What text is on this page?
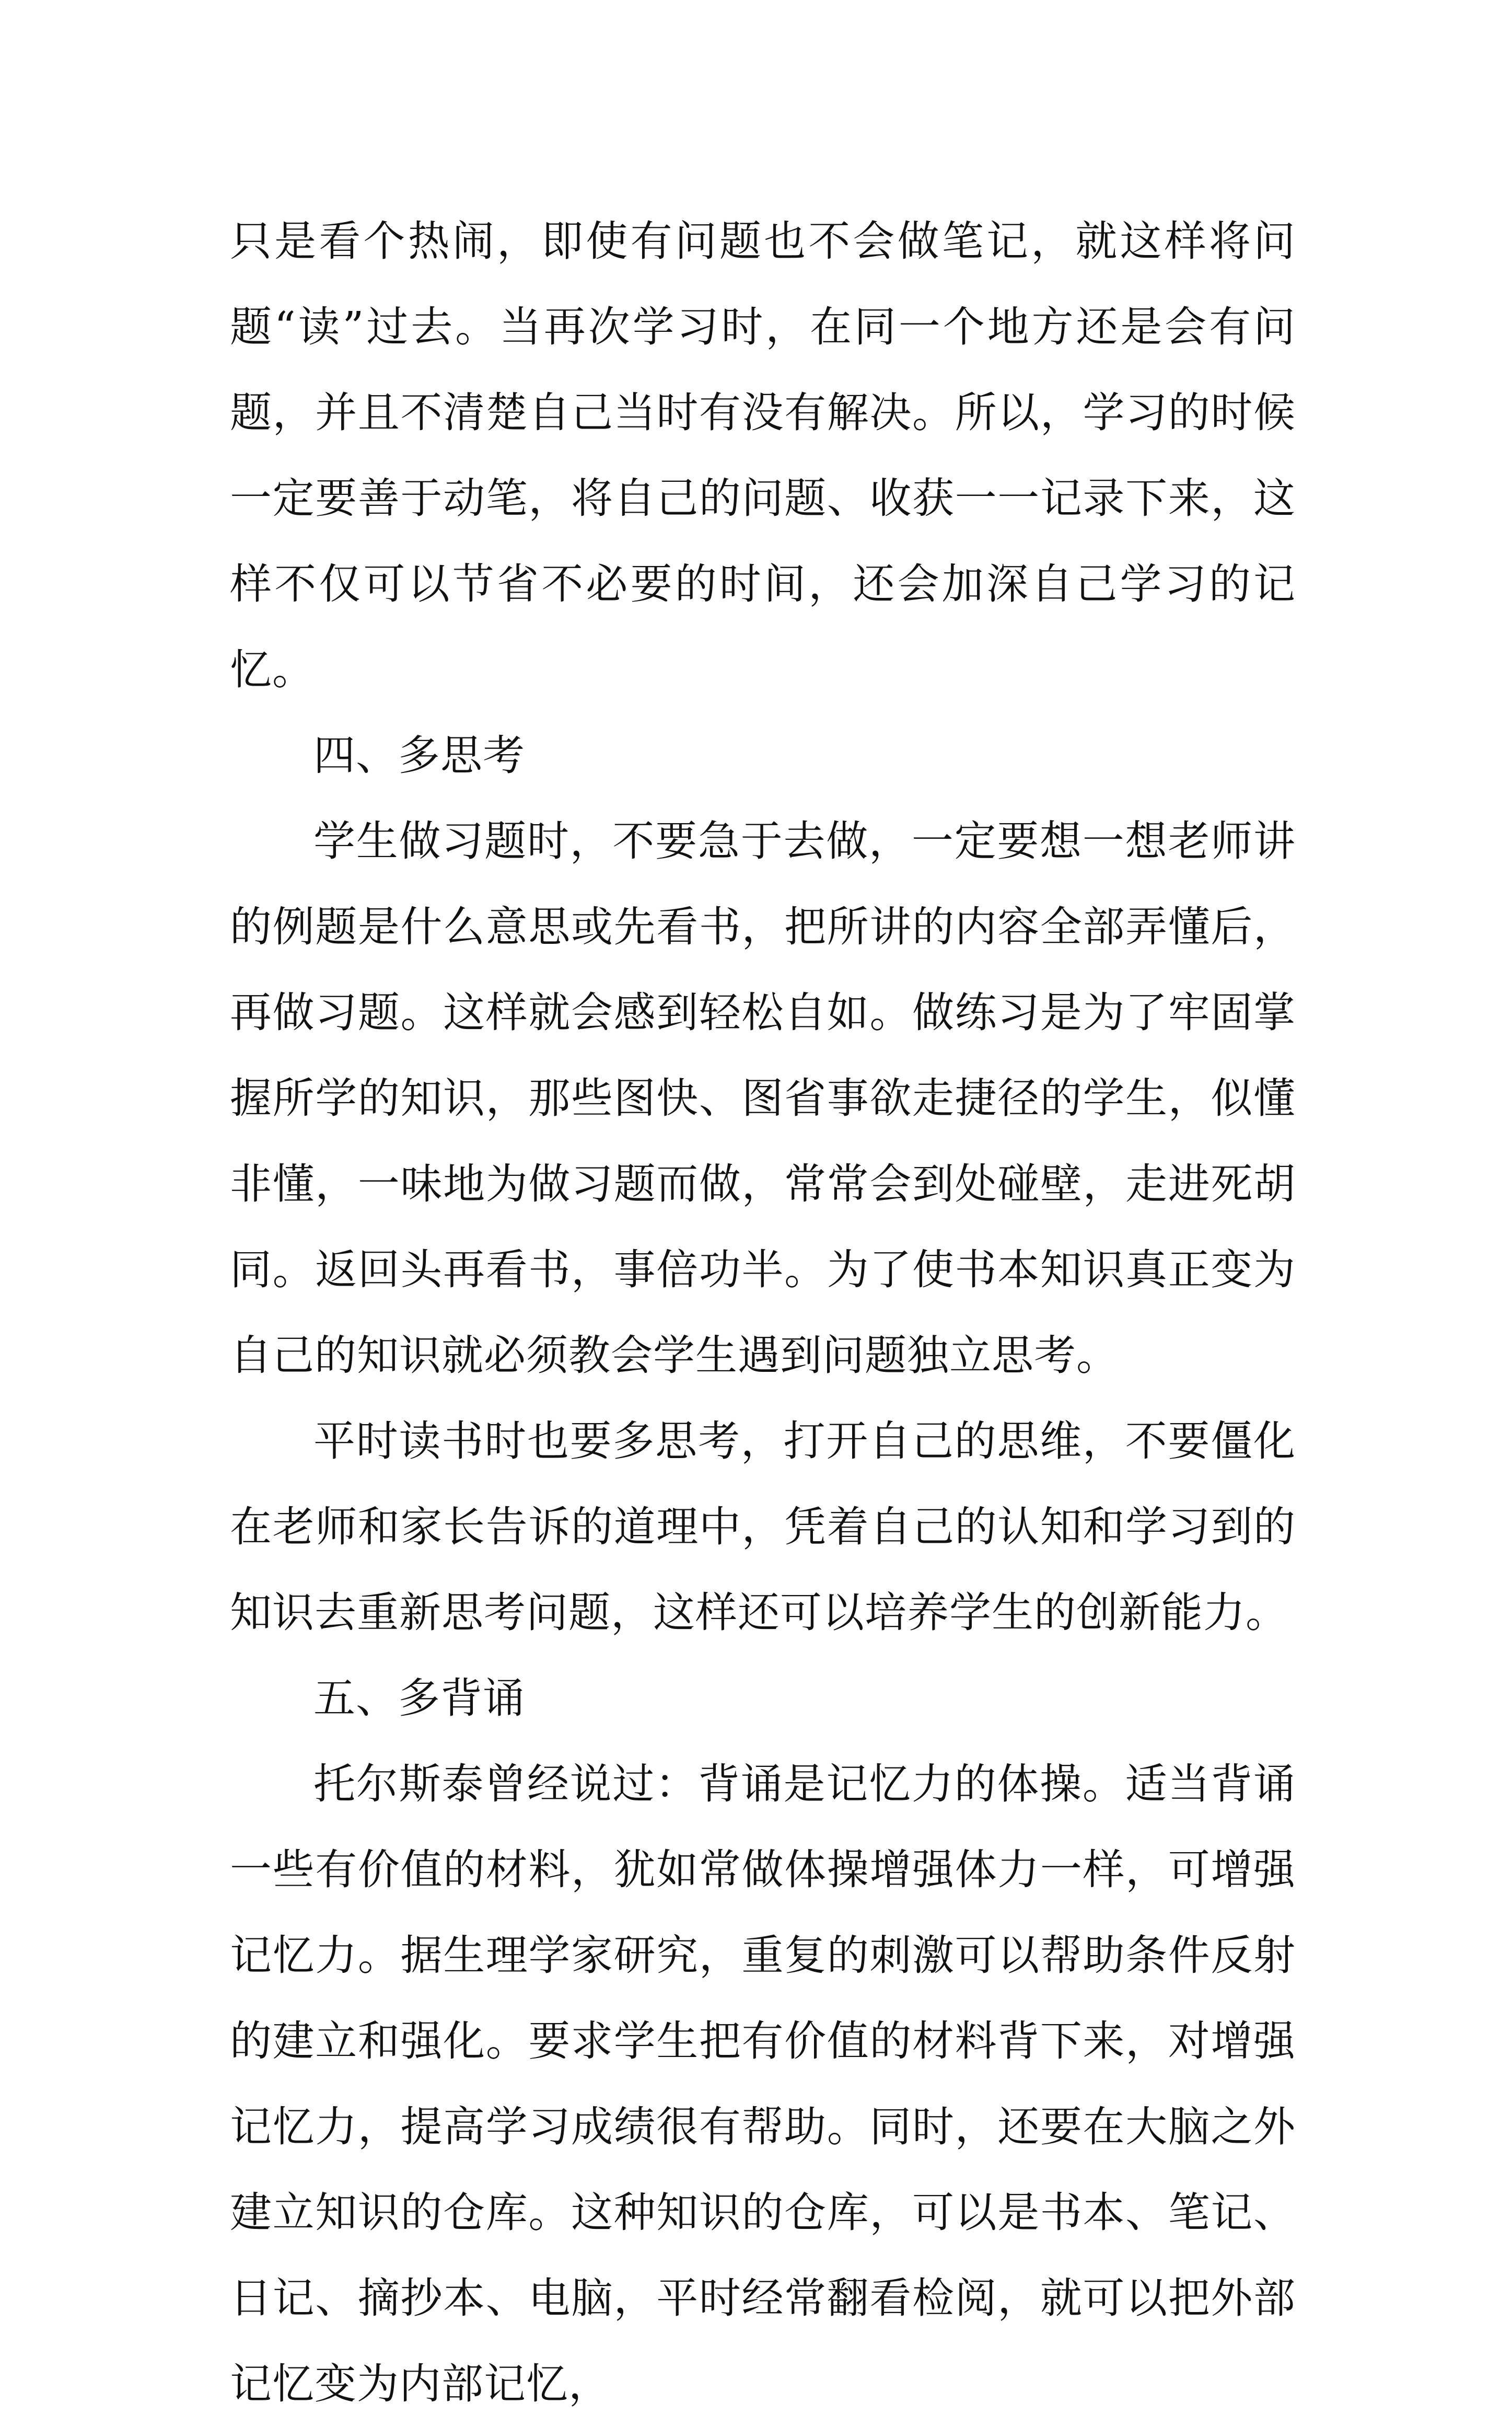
只是看个热闹，即使有问题也不会做笔记，就这样将问题“读”过去。当再次学习时，在同一个地方还是会有问题，并且不清楚自己当时有没有解决。所以，学习的时候一定要善于动笔，将自己的问题、收获一一记录下来，这样不仅可以节省不必要的时间，还会加深自己学习的记忆。

四、多思考

学生做习题时，不要急于去做，一定要想一想老师讲的例题是什么意思或先看书，把所讲的内容全部弄懂后，再做习题。这样就会感到轻松自如。做练习是为了牢固掌握所学的知识，那些图快、图省事欲走捷径的学生，似懂非懂，一味地为做习题而做，常常会到处碰壁，走进死胡同。返回头再看书，事倍功半。为了使书本知识真正变为自己的知识就必须教会学生遇到问题独立思考。

平时读书时也要多思考，打开自己的思维，不要僵化在老师和家长告诉的道理中，凭着自己的认知和学习到的知识去重新思考问题，这样还可以培养学生的创新能力。

五、多背诵

托尔斯泰曾经说过：背诵是记忆力的体操。适当背诵一些有价值的材料，犹如常做体操增强体力一样，可增强记忆力。据生理学家研究，重复的刺激可以帮助条件反射的建立和强化。要求学生把有价值的材料背下来，对增强记忆力，提高学习成绩很有帮助。同时，还要在大脑之外建立知识的仓库。这种知识的仓库，可以是书本、笔记、日记、摘抄本、电脑，平时经常翻看检阅，就可以把外部记忆变为内部记忆，
